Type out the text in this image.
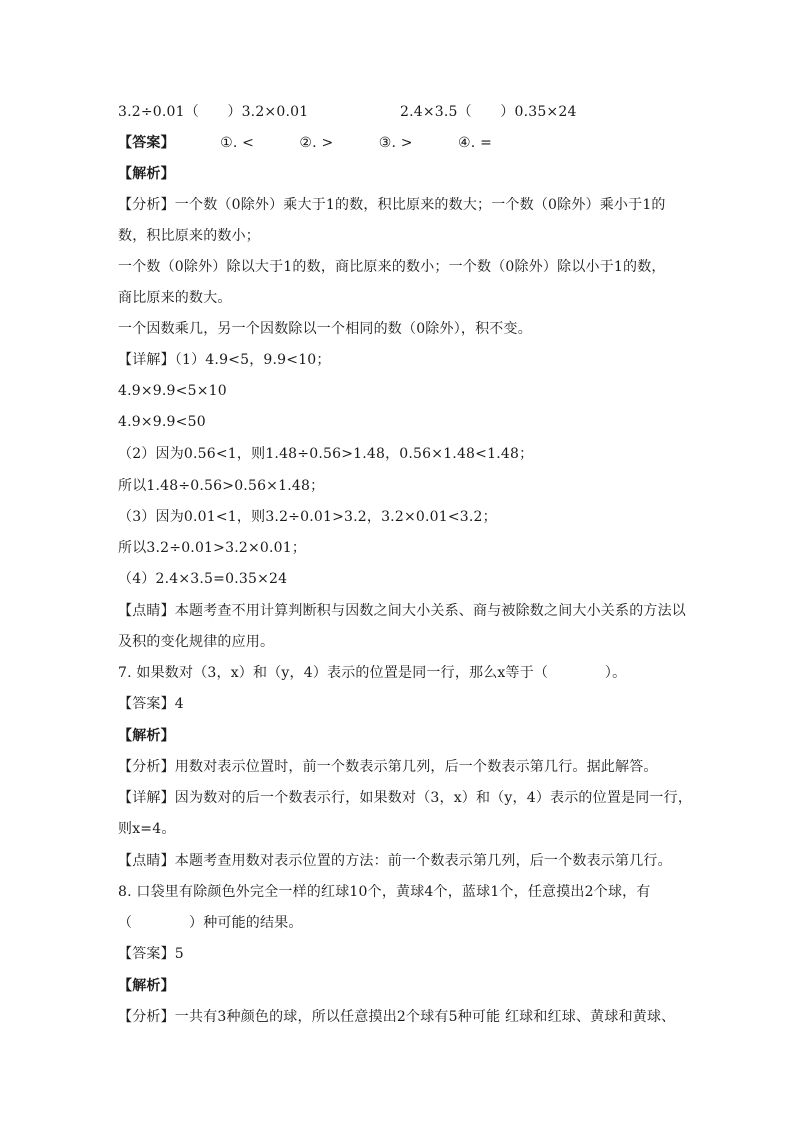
3.2÷0.01（　　）3.2×0.01	2.4×3.5（　　）0.35×24
【答案】	①. <	②. >	③. >	④. =
【解析】
【分析】一个数（0除外）乘大于1的数，积比原来的数大；一个数（0除外）乘小于1的
数，积比原来的数小；
一个数（0除外）除以大于1的数，商比原来的数小；一个数（0除外）除以小于1的数，
商比原来的数大。
一个因数乘几，另一个因数除以一个相同的数（0除外），积不变。
【详解】（1）4.9<5，9.9<10；
4.9×9.9<5×10
4.9×9.9<50
（2）因为0.56<1，则1.48÷0.56>1.48，0.56×1.48<1.48；
所以1.48÷0.56>0.56×1.48；
（3）因为0.01<1，则3.2÷0.01>3.2，3.2×0.01<3.2；
所以3.2÷0.01>3.2×0.01；
（4）2.4×3.5=0.35×24
【点睛】本题考查不用计算判断积与因数之间大小关系、商与被除数之间大小关系的方法以
及积的变化规律的应用。
7. 如果数对（3，x）和（y，4）表示的位置是同一行，那么x等于（　　　　）。
【答案】4
【解析】
【分析】用数对表示位置时，前一个数表示第几列，后一个数表示第几行。据此解答。
【详解】因为数对的后一个数表示行，如果数对（3，x）和（y，4）表示的位置是同一行，
则x=4。
【点睛】本题考查用数对表示位置的方法：前一个数表示第几列，后一个数表示第几行。
8. 口袋里有除颜色外完全一样的红球10个，黄球4个，蓝球1个，任意摸出2个球，有
（　　　　）种可能的结果。
【答案】5
【解析】
【分析】一共有3种颜色的球，所以任意摸出2个球有5种可能 红球和红球、黄球和黄球、
